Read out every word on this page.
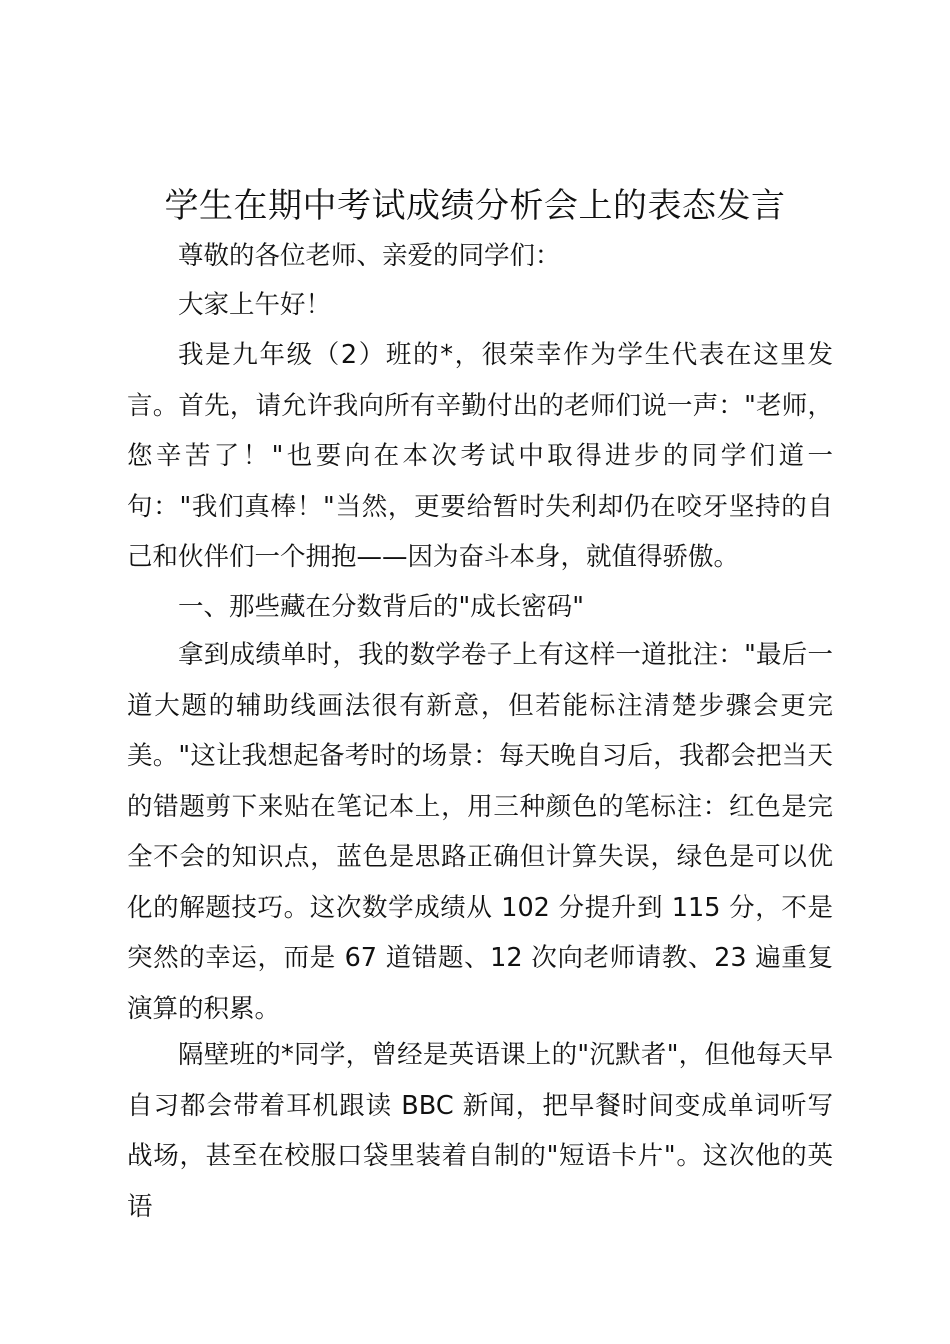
学生在期中考试成绩分析会上的表态发言

尊敬的各位老师、亲爱的同学们：

大家上午好！

我是九年级（2）班的*，很荣幸作为学生代表在这里发言。首先，请允许我向所有辛勤付出的老师们说一声："老师，您辛苦了！"也要向在本次考试中取得进步的同学们道一句："我们真棒！"当然，更要给暂时失利却仍在咬牙坚持的自己和伙伴们一个拥抱——因为奋斗本身，就值得骄傲。

一、那些藏在分数背后的"成长密码"

拿到成绩单时，我的数学卷子上有这样一道批注："最后一道大题的辅助线画法很有新意，但若能标注清楚步骤会更完美。"这让我想起备考时的场景：每天晚自习后，我都会把当天的错题剪下来贴在笔记本上，用三种颜色的笔标注：红色是完全不会的知识点，蓝色是思路正确但计算失误，绿色是可以优化的解题技巧。这次数学成绩从 102 分提升到 115 分，不是突然的幸运，而是 67 道错题、12 次向老师请教、23 遍重复演算的积累。

隔壁班的*同学，曾经是英语课上的"沉默者"，但他每天早自习都会带着耳机跟读 BBC 新闻，把早餐时间变成单词听写战场，甚至在校服口袋里装着自制的"短语卡片"。这次他的英语
